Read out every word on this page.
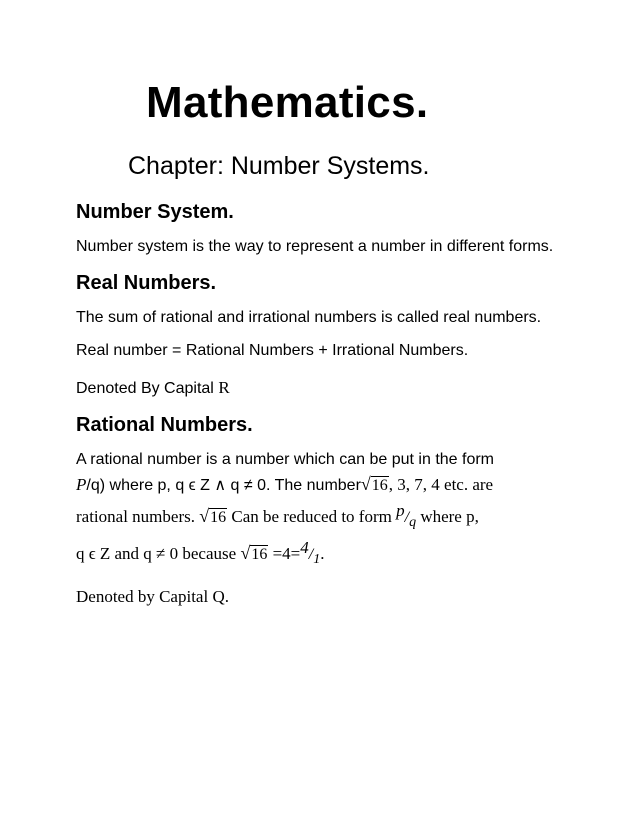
Mathematics.
Chapter: Number Systems.
Number System.

Number system is the way to represent a number in different forms.

Real Numbers.

The sum of rational and irrational numbers is called real numbers.

Real number = Rational Numbers + Irrational Numbers.

Denoted By Capital R

Rational Numbers.

A rational number is a number which can be put in the form
P/q) where p, q ϵ Z ∧ q ≠ 0. The number√16, 3, 7, 4 etc. are
rational numbers. √16 Can be reduced to form $^p/_q$ where p,
q ϵ Z and q ≠ 0 because $√16 =4=^4/_1$.

Denoted by Capital Q.
